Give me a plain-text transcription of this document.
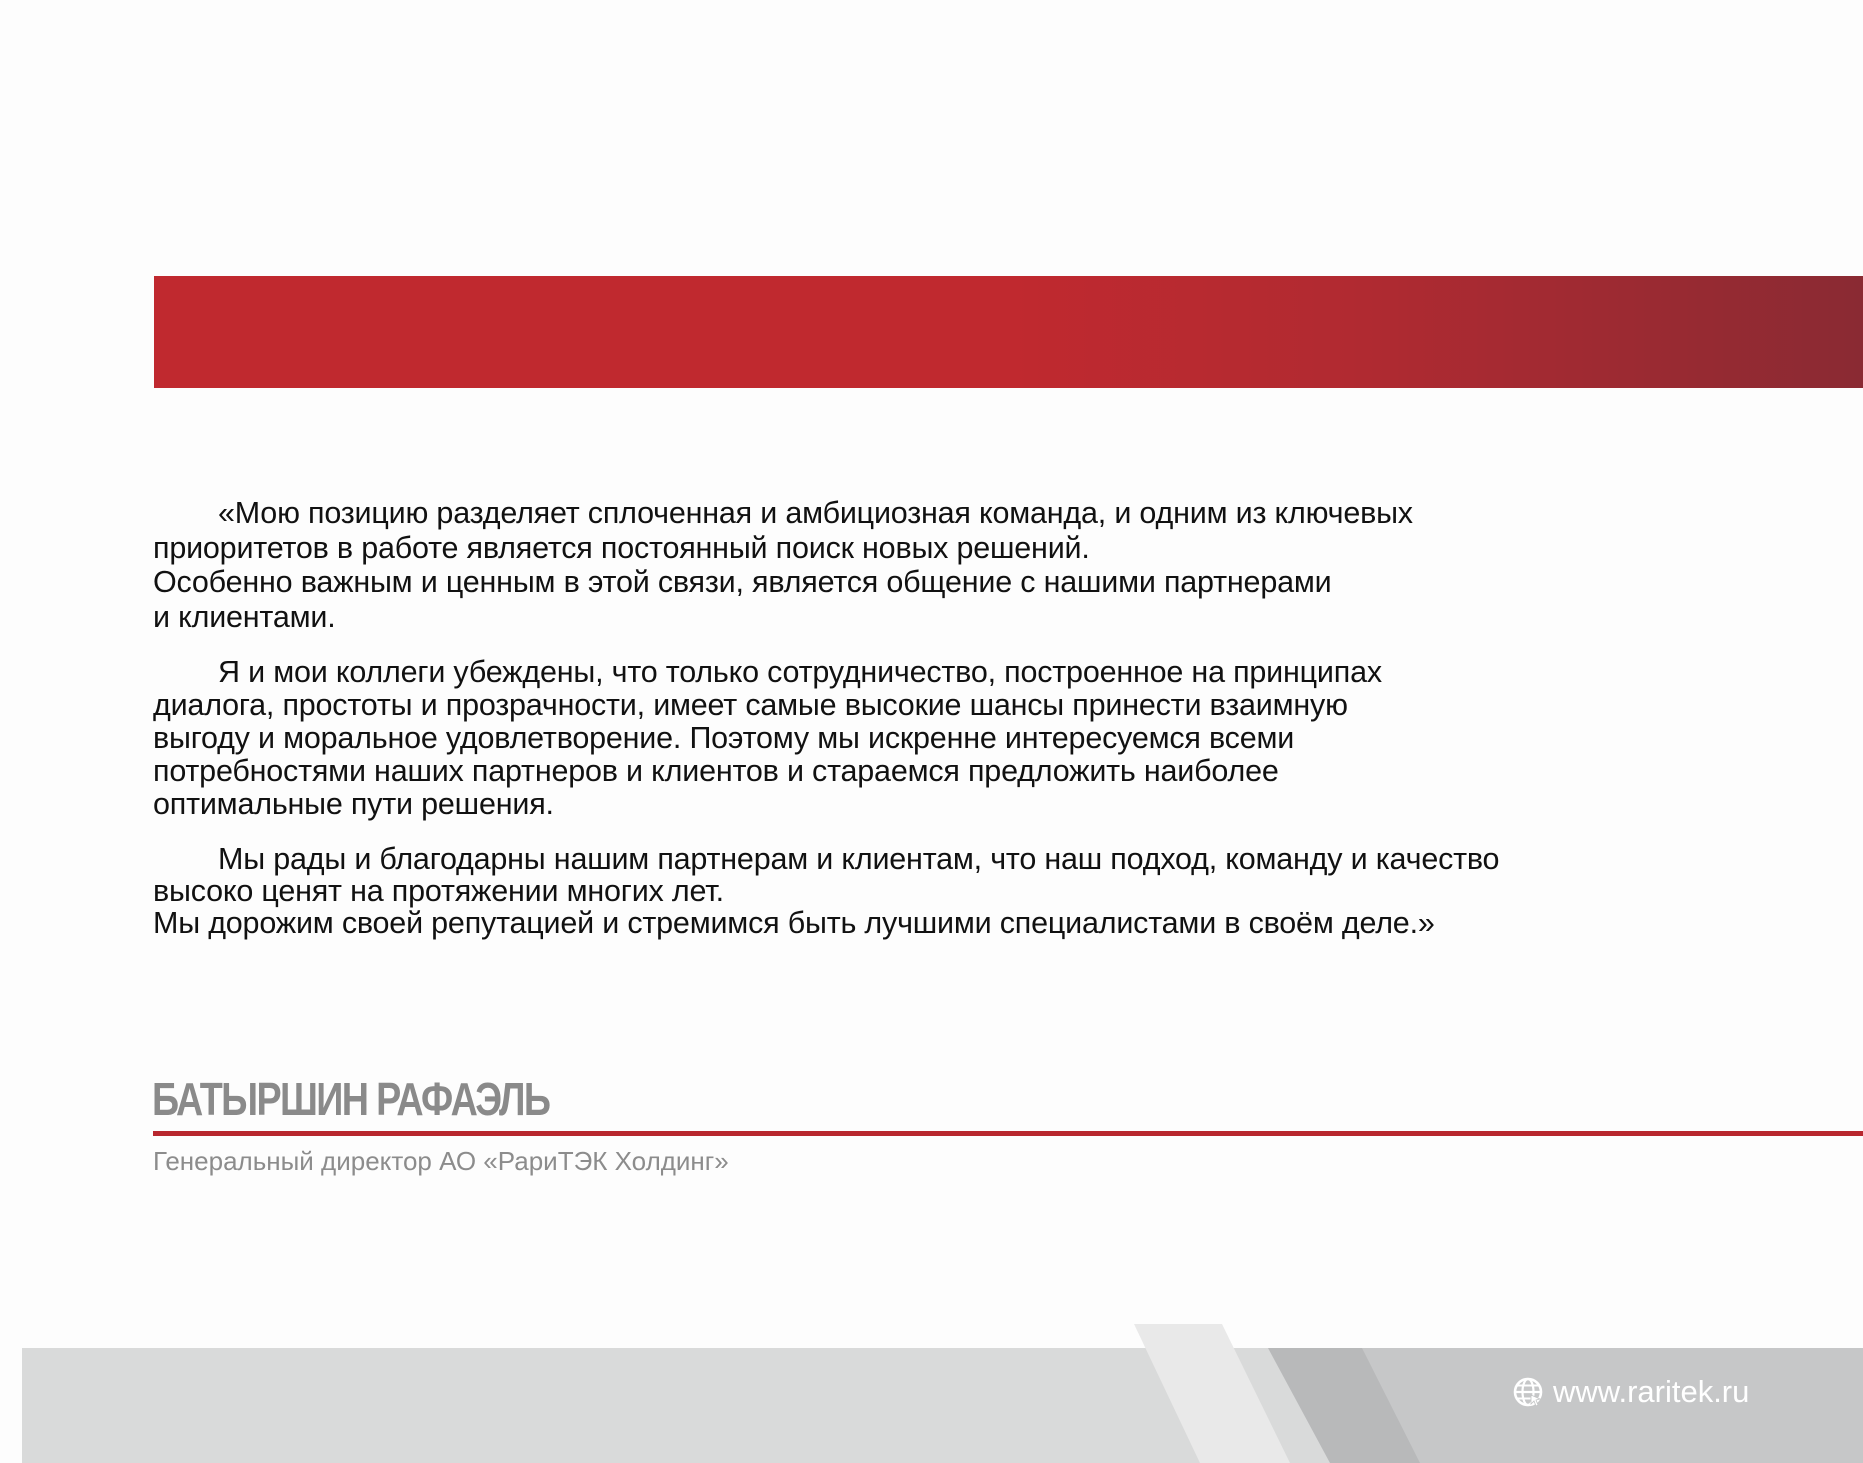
«Мою позицию разделяет сплоченная и амбициозная команда, и одним из ключевых
приоритетов в работе является постоянный поиск новых решений.
Особенно важным и ценным в этой связи, является общение с нашими партнерами
и клиентами.

Я и мои коллеги убеждены, что только сотрудничество, построенное на принципах
диалога, простоты и прозрачности, имеет самые высокие шансы принести взаимную
выгоду и моральное удовлетворение. Поэтому мы искренне интересуемся всеми
потребностями наших партнеров и клиентов и стараемся предложить наиболее
оптимальные пути решения.

Мы рады и благодарны нашим партнерам и клиентам, что наш подход, команду и качество
высоко ценят на протяжении многих лет.
Мы дорожим своей репутацией и стремимся быть лучшими специалистами в своём деле.»

БАТЫРШИН РАФАЭЛЬ
Генеральный директор АО «РариТЭК Холдинг»
www.raritek.ru
